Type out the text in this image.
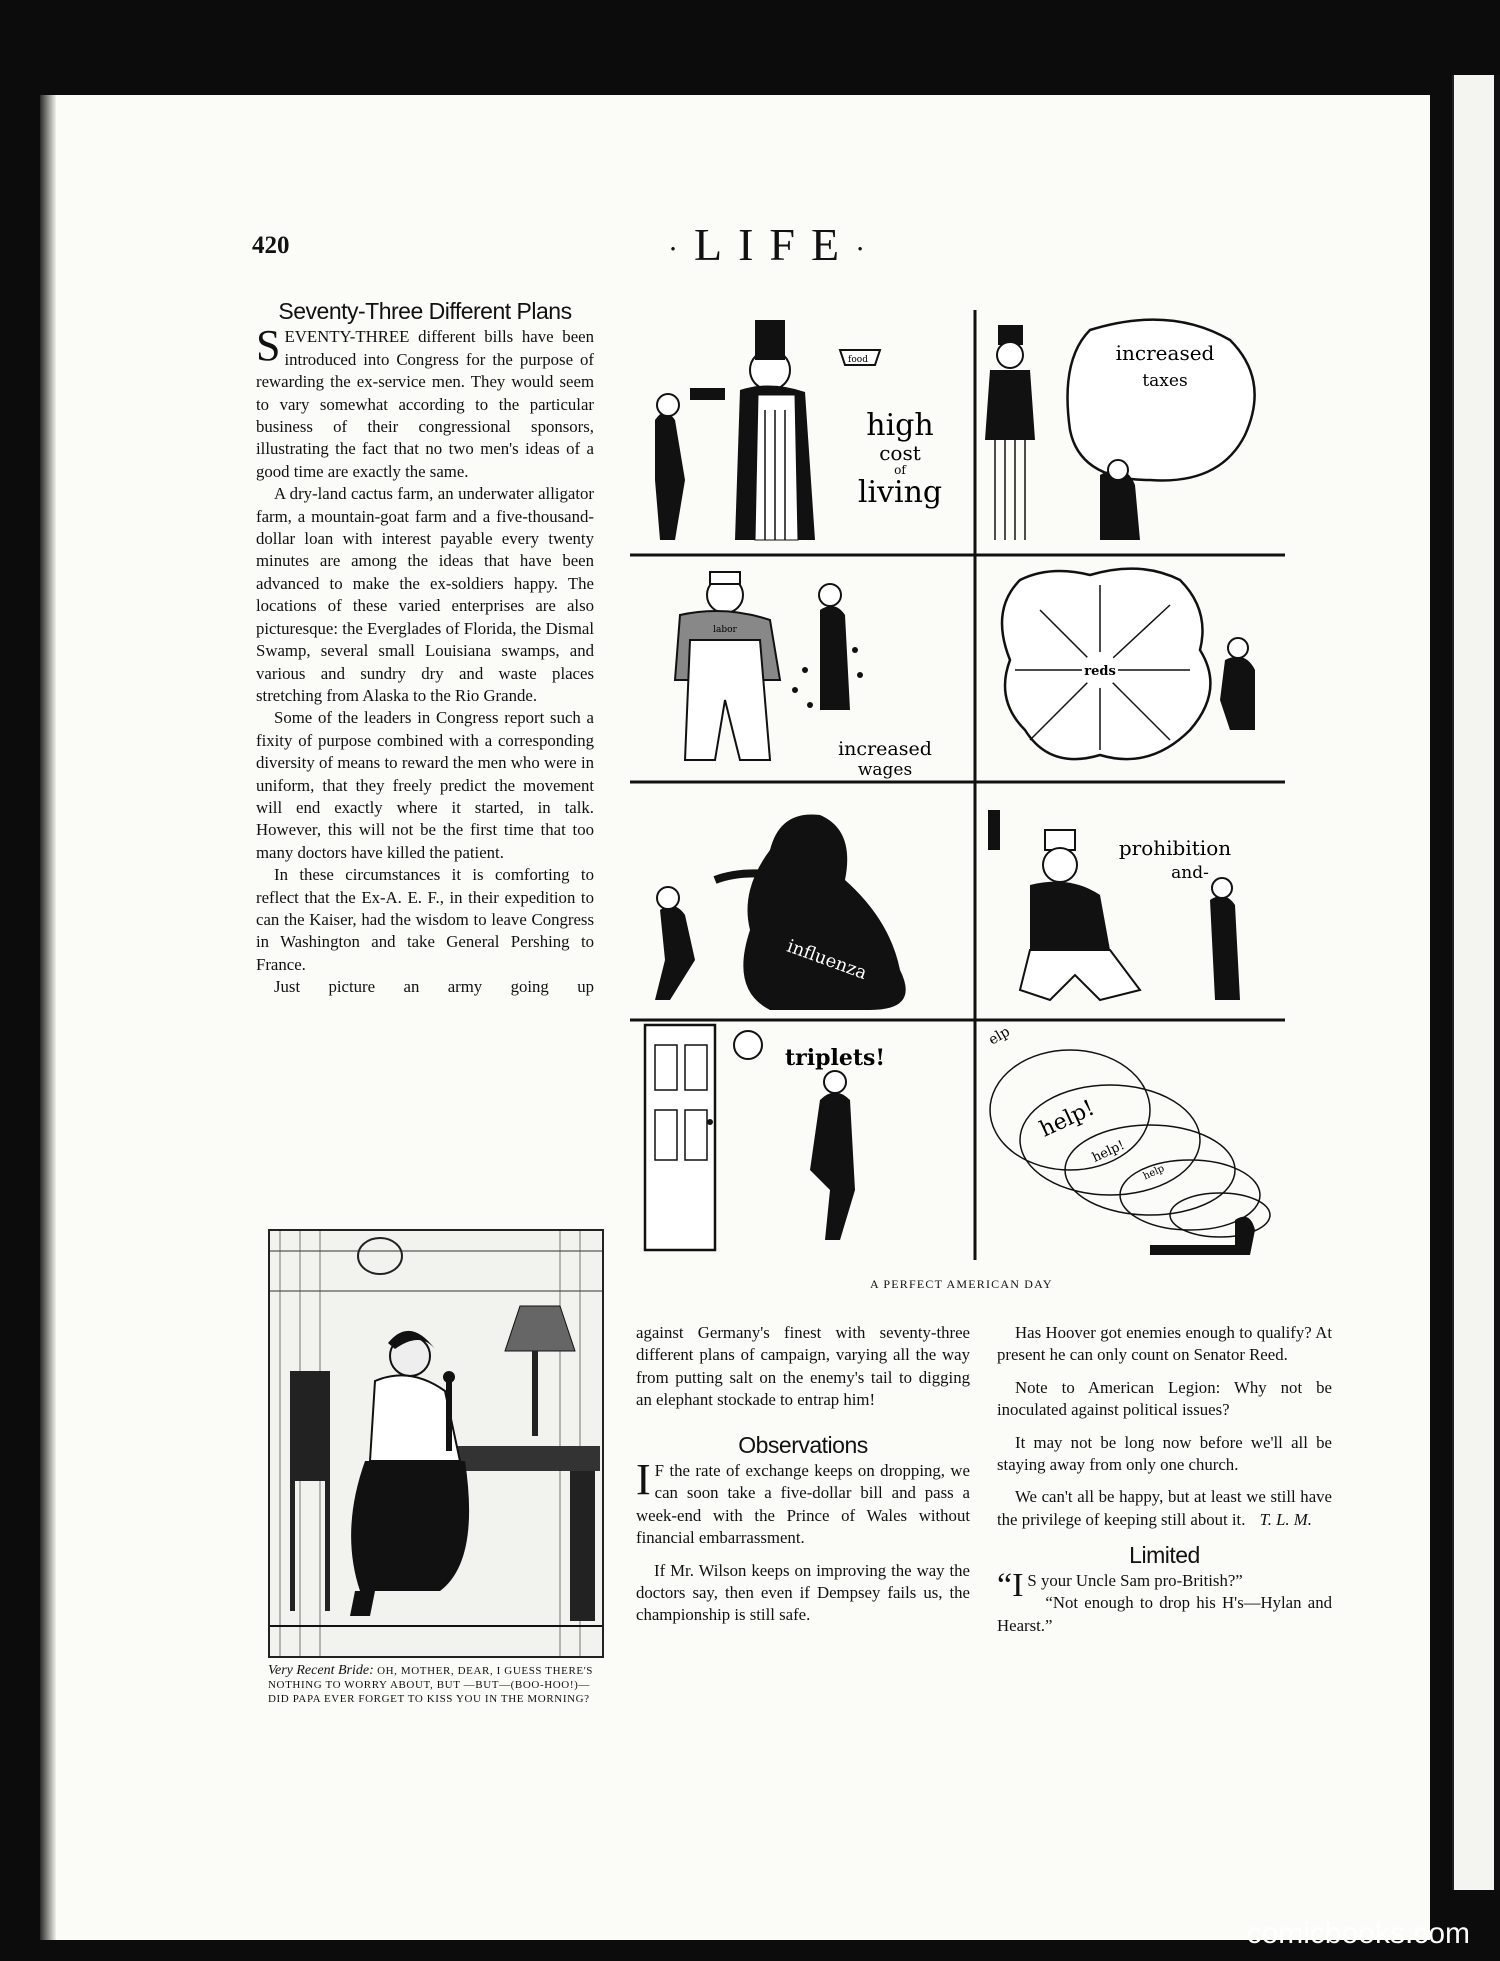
420	·LIFE·
Seventy-Three Different Plans

SEVENTY-THREE different bills have been introduced into Congress for the purpose of rewarding the ex-service men. They would seem to vary somewhat according to the particular business of their congressional sponsors, illustrating the fact that no two men's ideas of a good time are exactly the same.

A dry-land cactus farm, an underwater alligator farm, a mountain-goat farm and a five-thousand-dollar loan with interest payable every twenty minutes are among the ideas that have been advanced to make the ex-soldiers happy. The locations of these varied enterprises are also picturesque: the Everglades of Florida, the Dismal Swamp, several small Louisiana swamps, and various and sundry dry and waste places stretching from Alaska to the Rio Grande.

Some of the leaders in Congress report such a fixity of purpose combined with a corresponding diversity of means to reward the men who were in uniform, that they freely predict the movement will end exactly where it started, in talk. However, this will not be the first time that too many doctors have killed the patient.

In these circumstances it is comforting to reflect that the Ex-A. E. F., in their expedition to can the Kaiser, had the wisdom to leave Congress in Washington and take General Pershing to France.

Just picture an army going up

Very Recent Bride: OH, MOTHER, DEAR, I GUESS THERE'S NOTHING TO WORRY ABOUT, BUT —BUT—(BOO-HOO!)—DID PAPA EVER FORGET TO KISS YOU IN THE MORNING?
food
high
cost
of
living
increased
taxes
labor
increased
wages
reds
influenza
prohibition
and-
triplets!
help!
help!
help
elp
A PERFECT AMERICAN DAY

against Germany's finest with seventy-three different plans of campaign, varying all the way from putting salt on the enemy's tail to digging an elephant stockade to entrap him!

Observations

I F the rate of exchange keeps on dropping, we can soon take a five-dollar bill and pass a week-end with the Prince of Wales without financial embarrassment.

If Mr. Wilson keeps on improving the way the doctors say, then even if Dempsey fails us, the championship is still safe.

Has Hoover got enemies enough to qualify? At present he can only count on Senator Reed.

Note to American Legion: Why not be inoculated against political issues?

It may not be long now before we'll all be staying away from only one church.

We can't all be happy, but at least we still have the privilege of keeping still about it. T. L. M.
Limited

“I S your Uncle Sam pro-British?”

“Not enough to drop his H's—Hylan and Hearst.”

comicbooks.com
